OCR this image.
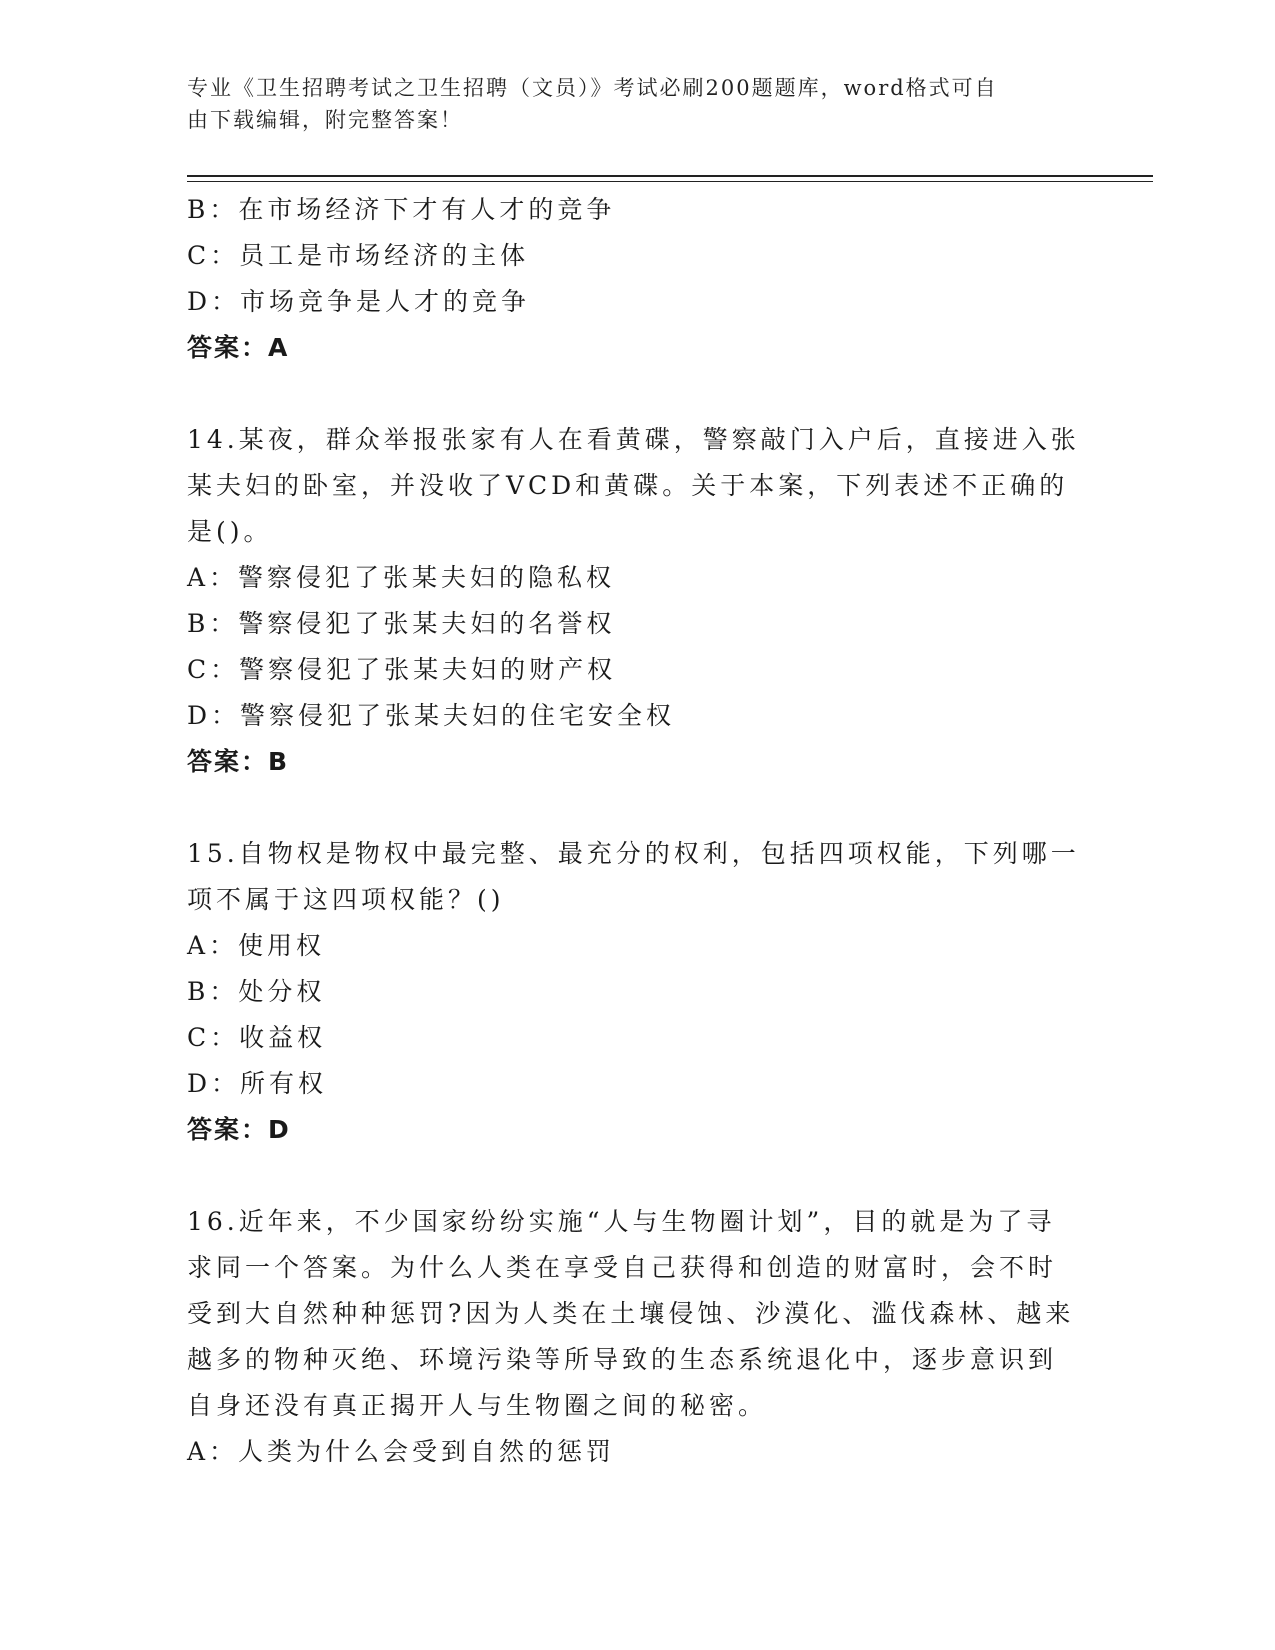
专业《卫生招聘考试之卫生招聘（文员）》考试必刷200题题库，word格式可自
由下载编辑，附完整答案！
B：在市场经济下才有人才的竞争
C：员工是市场经济的主体
D：市场竞争是人才的竞争
答案：A
14.某夜，群众举报张家有人在看黄碟，警察敲门入户后，直接进入张
某夫妇的卧室，并没收了VCD和黄碟。关于本案，下列表述不正确的
是()。
A：警察侵犯了张某夫妇的隐私权
B：警察侵犯了张某夫妇的名誉权
C：警察侵犯了张某夫妇的财产权
D：警察侵犯了张某夫妇的住宅安全权
答案：B
15.自物权是物权中最完整、最充分的权利，包括四项权能，下列哪一
项不属于这四项权能？()
A：使用权
B：处分权
C：收益权
D：所有权
答案：D
16.近年来，不少国家纷纷实施“人与生物圈计划”，目的就是为了寻
求同一个答案。为什么人类在享受自己获得和创造的财富时，会不时
受到大自然种种惩罚?因为人类在土壤侵蚀、沙漠化、滥伐森林、越来
越多的物种灭绝、环境污染等所导致的生态系统退化中，逐步意识到
自身还没有真正揭开人与生物圈之间的秘密。
A：人类为什么会受到自然的惩罚
